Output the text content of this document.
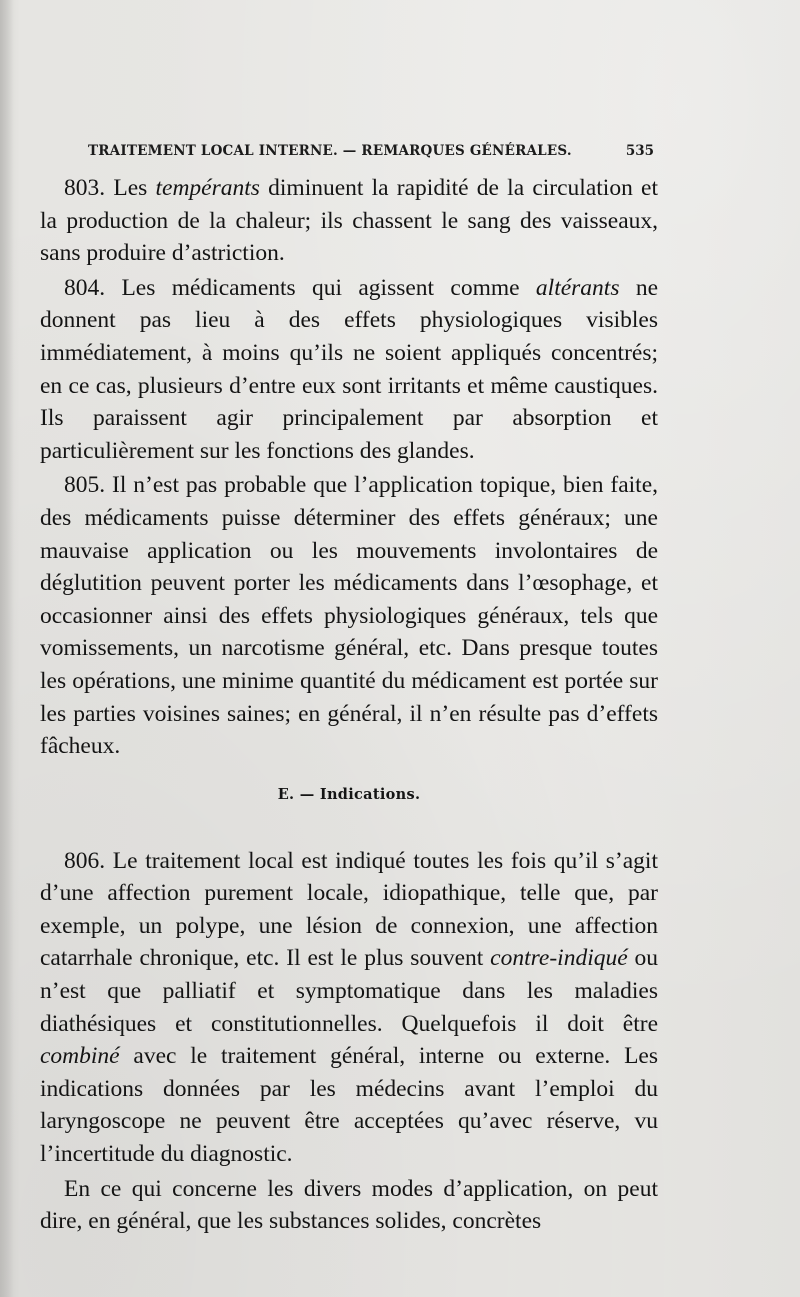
TRAITEMENT LOCAL INTERNE. — REMARQUES GÉNÉRALES.	535

803. Les tempérants diminuent la rapidité de la circulation et la production de la chaleur; ils chassent le sang des vaisseaux, sans produire d’astriction.

804. Les médicaments qui agissent comme altérants ne donnent pas lieu à des effets physiologiques visibles immédiatement, à moins qu’ils ne soient appliqués concentrés; en ce cas, plusieurs d’entre eux sont irritants et même caustiques. Ils paraissent agir principalement par absorption et particulièrement sur les fonctions des glandes.

805. Il n’est pas probable que l’application topique, bien faite, des médicaments puisse déterminer des effets généraux; une mauvaise application ou les mouvements involontaires de déglutition peuvent porter les médicaments dans l’œsophage, et occasionner ainsi des effets physiologiques généraux, tels que vomissements, un narcotisme général, etc. Dans presque toutes les opérations, une minime quantité du médicament est portée sur les parties voisines saines; en général, il n’en résulte pas d’effets fâcheux.

E. — Indications.

806. Le traitement local est indiqué toutes les fois qu’il s’agit d’une affection purement locale, idiopathique, telle que, par exemple, un polype, une lésion de connexion, une affection catarrhale chronique, etc. Il est le plus souvent contre-indiqué ou n’est que palliatif et symptomatique dans les maladies diathésiques et constitutionnelles. Quelquefois il doit être combiné avec le traitement général, interne ou externe. Les indications données par les médecins avant l’emploi du laryngoscope ne peuvent être acceptées qu’avec réserve, vu l’incertitude du diagnostic.

En ce qui concerne les divers modes d’application, on peut dire, en général, que les substances solides, concrètes
